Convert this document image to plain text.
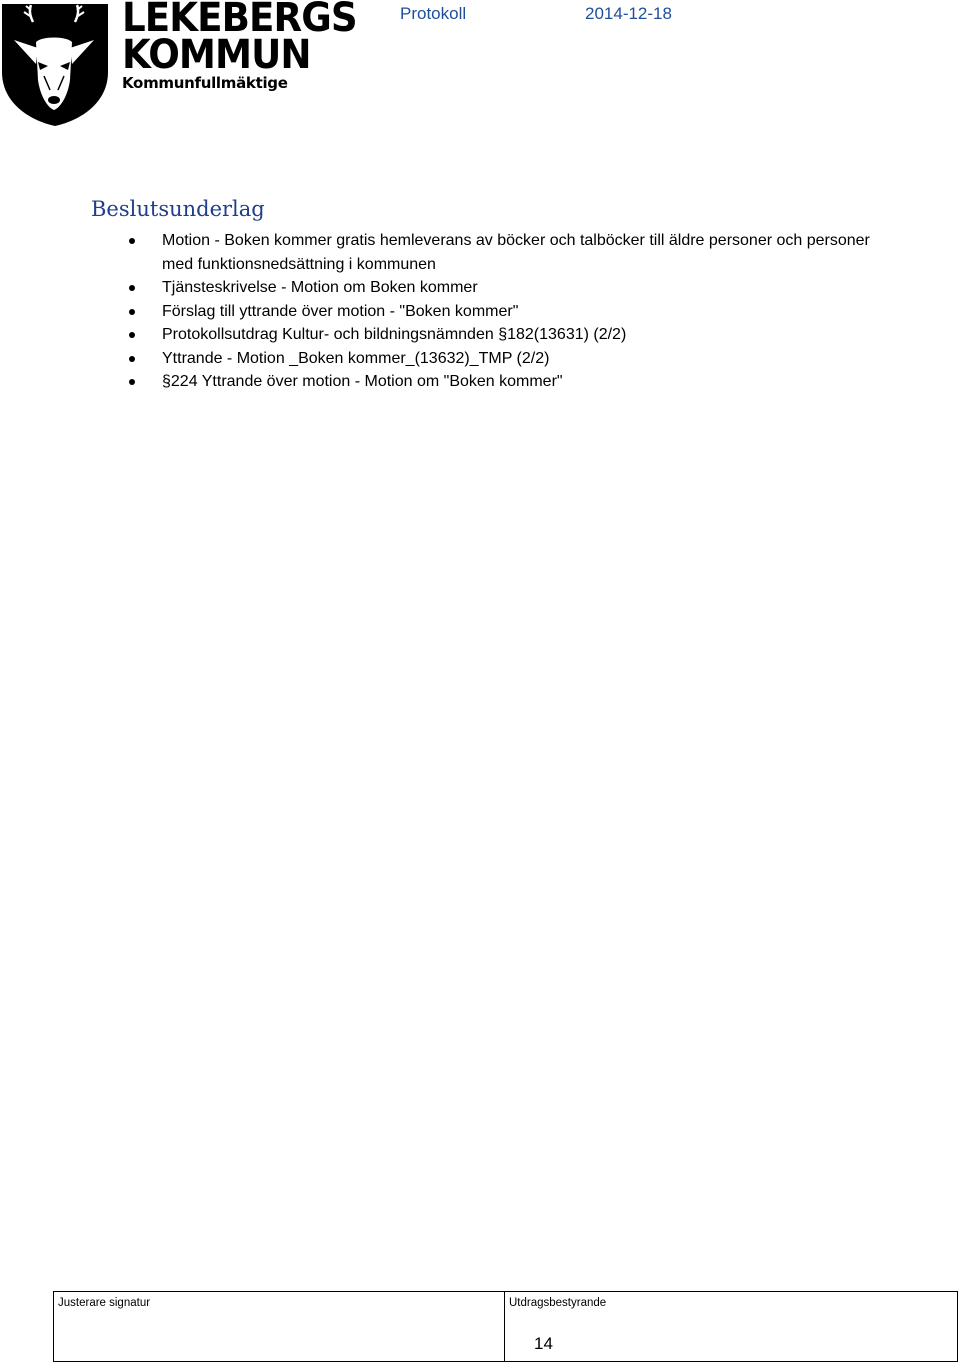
LEKEBERGS
KOMMUN
Kommunfullmäktige
Protokoll	2014-12-18
Beslutsunderlag
Motion - Boken kommer gratis hemleverans av böcker och talböcker till äldre personer och personer med funktionsnedsättning i kommunen
Tjänsteskrivelse - Motion om Boken kommer
Förslag till yttrande över motion - "Boken kommer"
Protokollsutdrag Kultur- och bildningsnämnden §182(13631) (2/2)
Yttrande - Motion _Boken kommer_(13632)_TMP (2/2)
§224 Yttrande över motion - Motion om "Boken kommer"
Justerare signatur	Utdragsbestyrande
14
